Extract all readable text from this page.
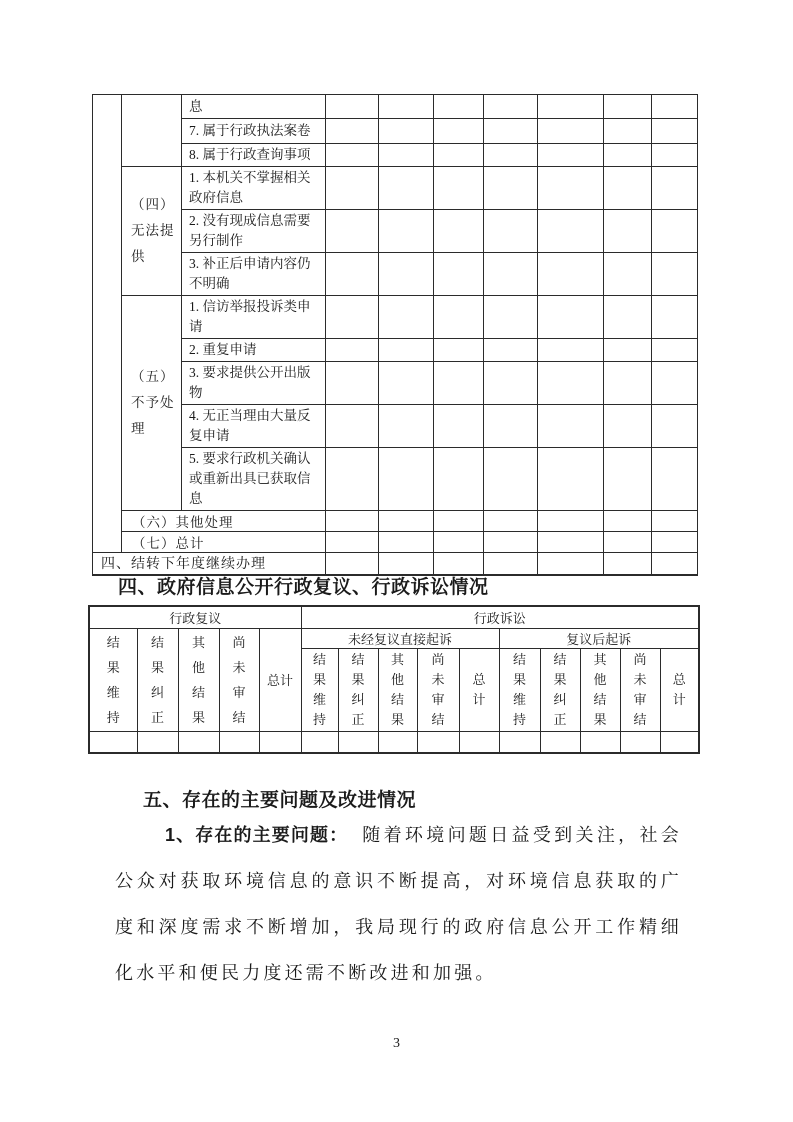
		息							
		7. 属于行政执法案卷							
		8. 属于行政查询事项							
	（四）无法提供	1. 本机关不掌握相关政府信息							
		2. 没有现成信息需要另行制作							
		3. 补正后申请内容仍不明确							
	（五）不予处理	1. 信访举报投诉类申请							
		2. 重复申请							
		3. 要求提供公开出版物							
		4. 无正当理由大量反复申请							
		5. 要求行政机关确认或重新出具已获取信息							
	（六）其他处理								
	（七）总计								
四、结转下年度继续办理									
四、政府信息公开行政复议、行政诉讼情况
行政复议					行政诉讼									
结果维持	结果纠正	其他结果	尚未审结	总计	未经复议直接起诉					复议后起诉				
					结果维持	结果纠正	其他结果	尚未审结	总计	结果维持	结果纠正	其他结果	尚未审结	总计

五、存在的主要问题及改进情况
1、存在的主要问题： 随着环境问题日益受到关注，社会公众对获取环境信息的意识不断提高，对环境信息获取的广度和深度需求不断增加，我局现行的政府信息公开工作精细化水平和便民力度还需不断改进和加强。
3
